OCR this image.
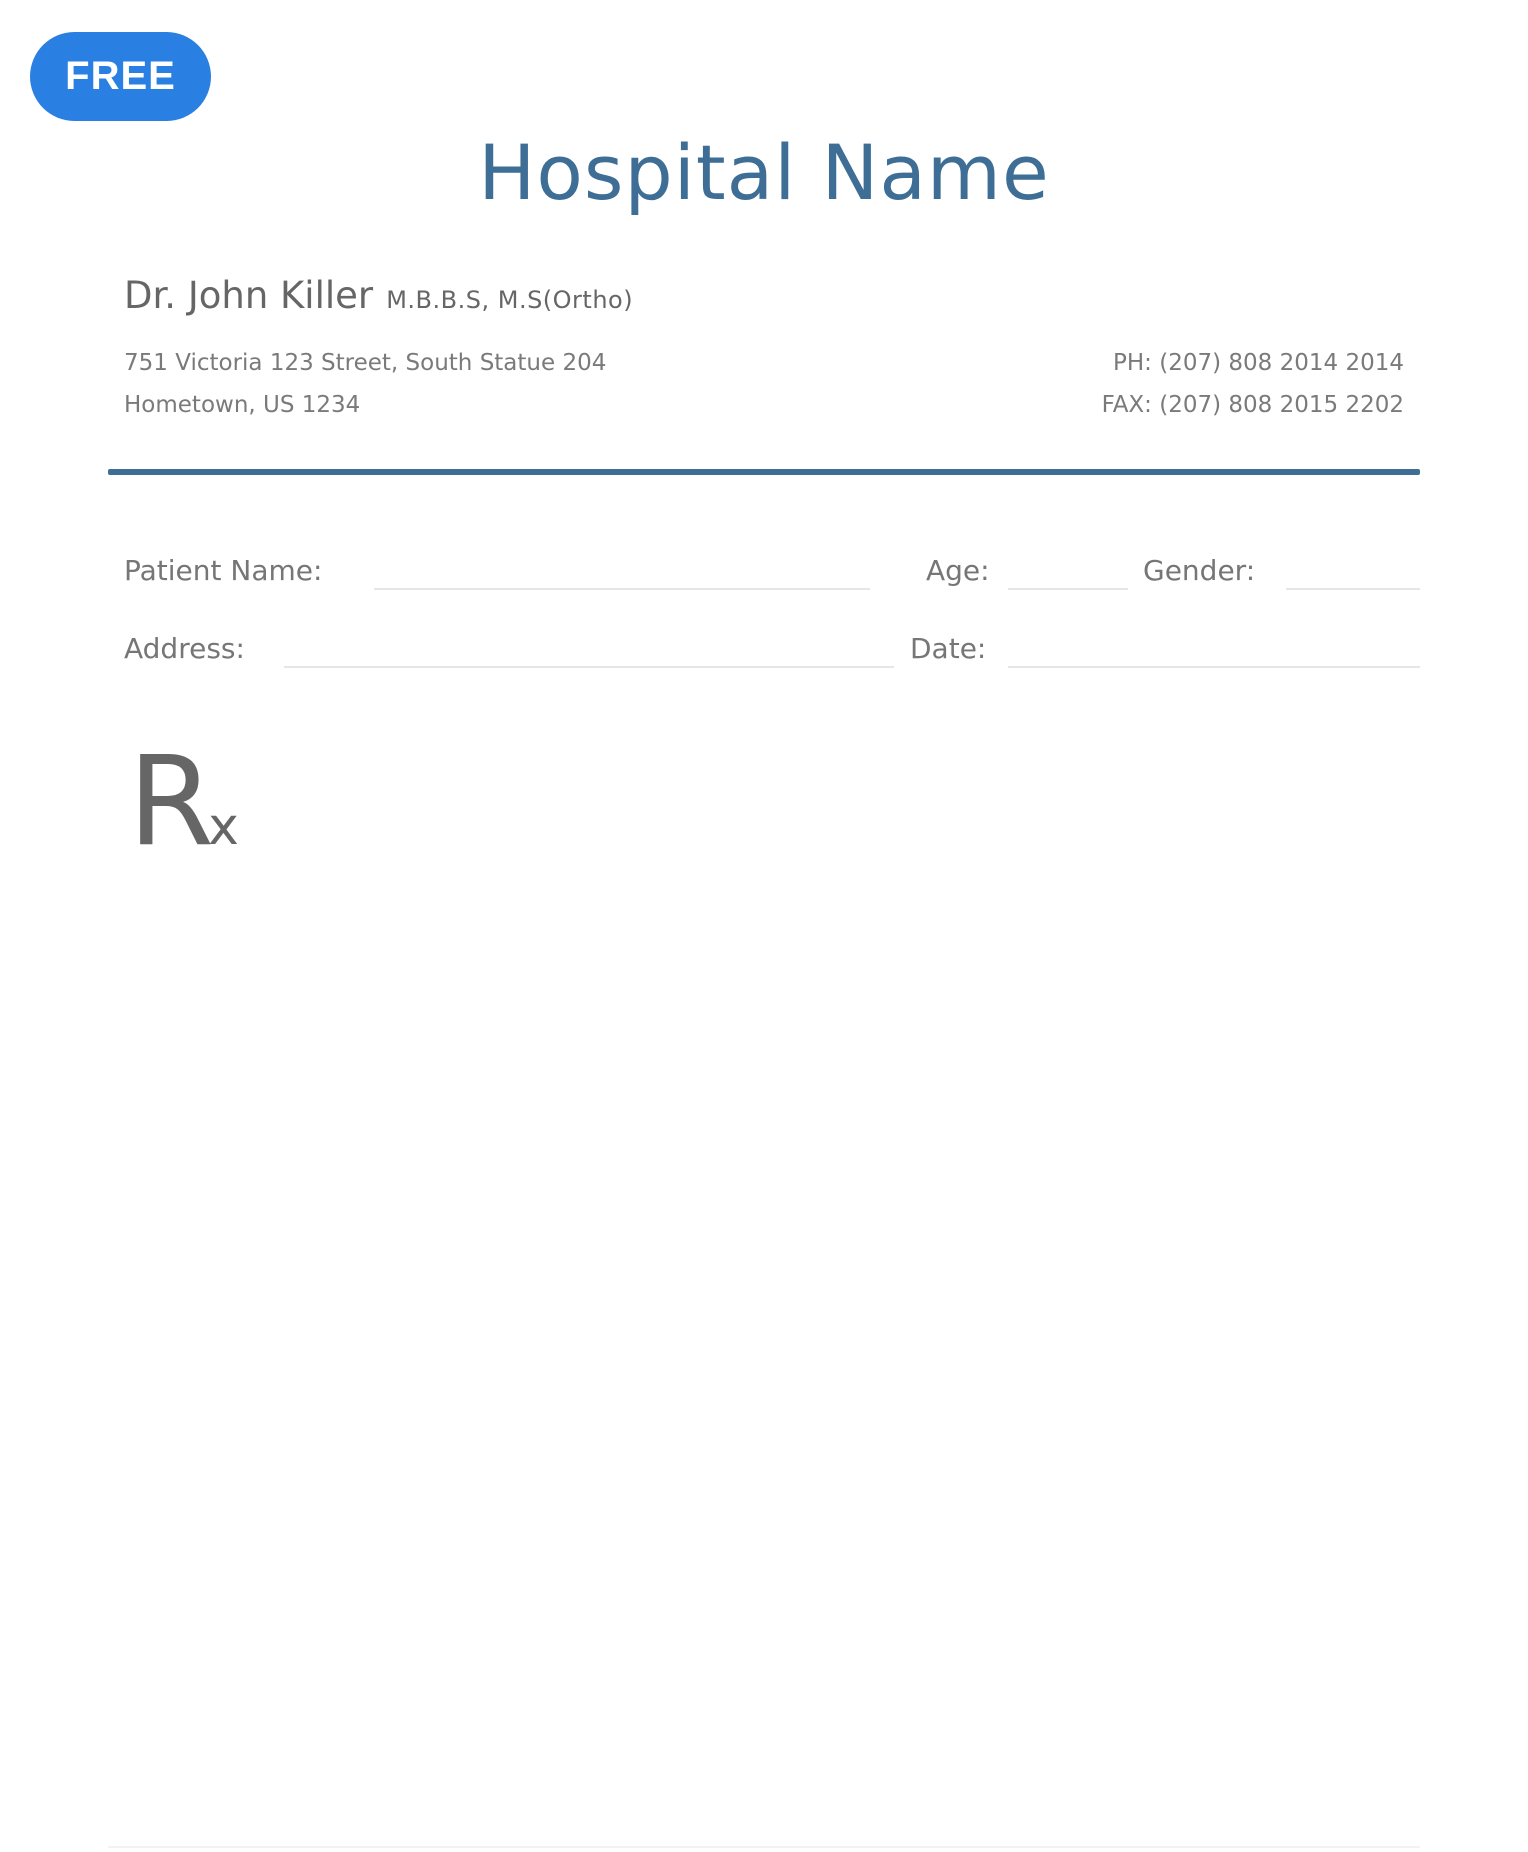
FREE
Hospital Name
Dr. John Killer M.B.B.S, M.S(Ortho)
751 Victoria 123 Street, South Statue 204
Hometown, US 1234
PH: (207) 808 2014 2014
FAX: (207) 808 2015 2202
Patient Name:	Age:	Gender:
Address:	Date:
Rx
